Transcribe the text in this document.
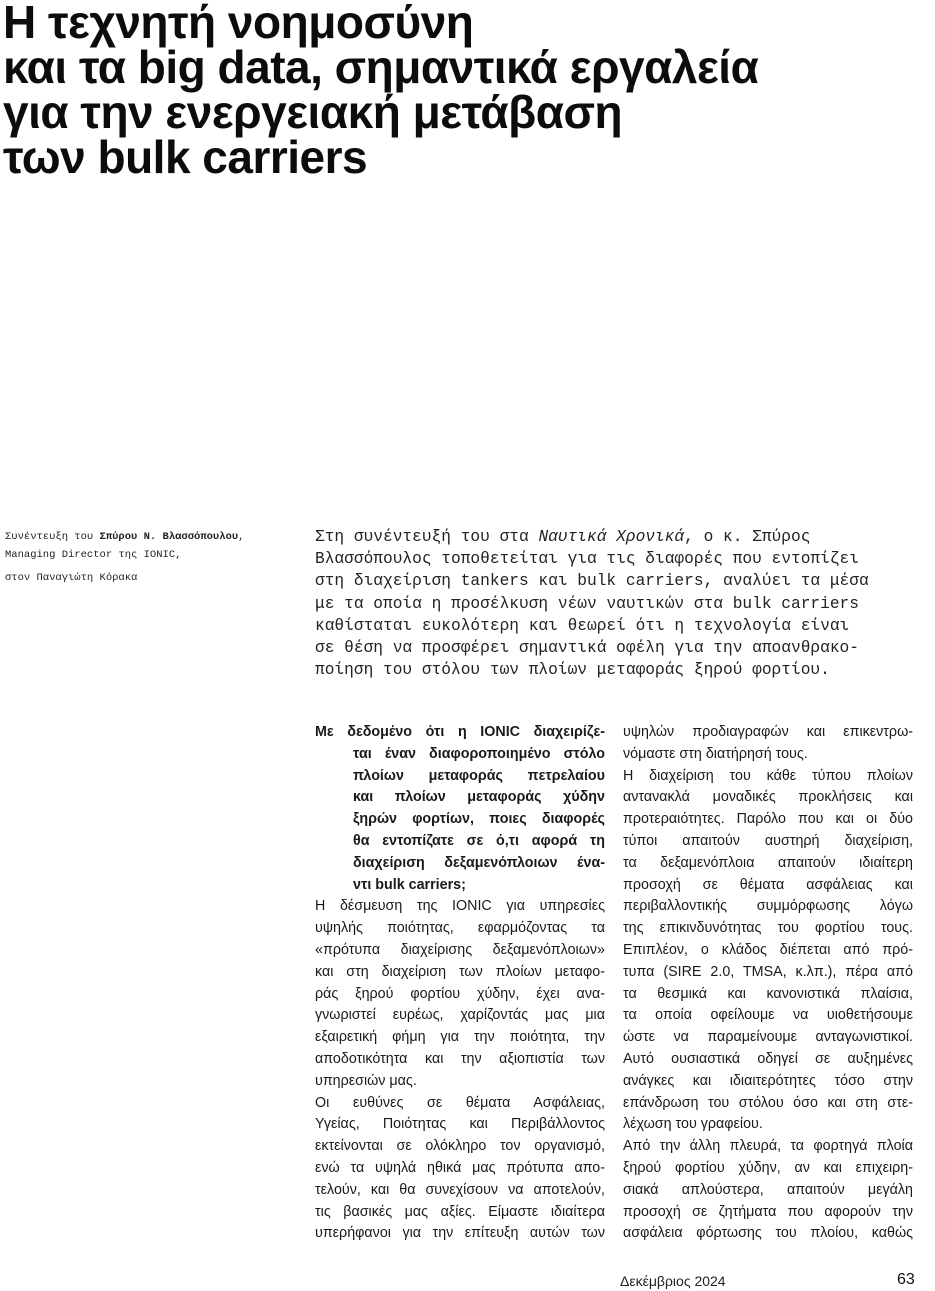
Η τεχνητή νοημοσύνη
και τα big data, σημαντικά εργαλεία
για την ενεργειακή μετάβαση
των bulk carriers
Συνέντευξη του Σπύρου Ν. Βλασσόπουλου,
Managing Director της IONIC,
στον Παναγιώτη Κόρακα
Στη συνέντευξή του στα Ναυτικά Χρονικά, ο κ. Σπύρος
Βλασσόπουλος τοποθετείται για τις διαφορές που εντοπίζει
στη διαχείριση tankers και bulk carriers, αναλύει τα μέσα
με τα οποία η προσέλκυση νέων ναυτικών στα bulk carriers
καθίσταται ευκολότερη και θεωρεί ότι η τεχνολογία είναι
σε θέση να προσφέρει σημαντικά οφέλη για την απoανθρακο-
ποίηση του στόλου των πλοίων μεταφοράς ξηρού φορτίου.
Με δεδομένο ότι η IONIC διαχειρίζε-
ται έναν διαφοροποιημένο στόλο
πλοίων μεταφοράς πετρελαίου
και πλοίων μεταφοράς χύδην
ξηρών φορτίων, ποιες διαφορές
θα εντοπίζατε σε ό,τι αφορά τη
διαχείριση δεξαμενόπλοιων ένα-
ντι bulk carriers;
Η δέσμευση της IONIC για υπηρεσίες
υψηλής ποιότητας, εφαρμόζοντας τα
«πρότυπα διαχείρισης δεξαμενόπλοιων»
και στη διαχείριση των πλοίων μεταφο-
ράς ξηρού φορτίου χύδην, έχει ανα-
γνωριστεί ευρέως, χαρίζοντάς μας μια
εξαιρετική φήμη για την ποιότητα, την
αποδοτικότητα και την αξιοπιστία των
υπηρεσιών μας.
Οι ευθύνες σε θέματα Ασφάλειας,
Υγείας, Ποιότητας και Περιβάλλοντος
εκτείνονται σε ολόκληρο τον οργανισμό,
ενώ τα υψηλά ηθικά μας πρότυπα απο-
τελούν, και θα συνεχίσουν να αποτελούν,
τις βασικές μας αξίες. Είμαστε ιδιαίτερα
υπερήφανοι για την επίτευξη αυτών των
υψηλών προδιαγραφών και επικεντρω-
νόμαστε στη διατήρησή τους.
Η διαχείριση του κάθε τύπου πλοίων
αντανακλά μοναδικές προκλήσεις και
προτεραιότητες. Παρόλο που και οι δύο
τύποι απαιτούν αυστηρή διαχείριση,
τα δεξαμενόπλοια απαιτούν ιδιαίτερη
προσοχή σε θέματα ασφάλειας και
περιβαλλοντικής συμμόρφωσης λόγω
της επικινδυνότητας του φορτίου τους.
Επιπλέον, ο κλάδος διέπεται από πρό-
τυπα (SIRE 2.0, TMSA, κ.λπ.), πέρα από
τα θεσμικά και κανονιστικά πλαίσια,
τα οποία οφείλουμε να υιοθετήσουμε
ώστε να παραμείνουμε ανταγωνιστικοί.
Αυτό ουσιαστικά οδηγεί σε αυξημένες
ανάγκες και ιδιαιτερότητες τόσο στην
επάνδρωση του στόλου όσο και στη στε-
λέχωση του γραφείου.
Από την άλλη πλευρά, τα φορτηγά πλοία
ξηρού φορτίου χύδην, αν και επιχειρη-
σιακά απλούστερα, απαιτούν μεγάλη
προσοχή σε ζητήματα που αφορούν την
ασφάλεια φόρτωσης του πλοίου, καθώς
Δεκέμβριος 2024	63
